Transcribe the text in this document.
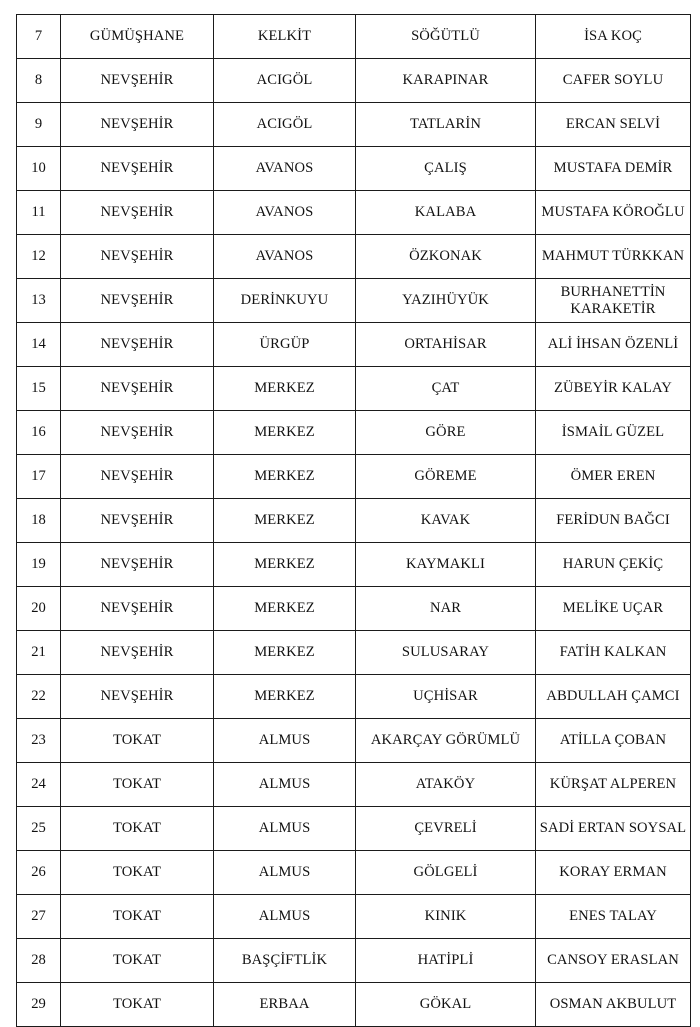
7	GÜMÜŞHANE	KELKİT	SÖĞÜTLÜ	İSA KOÇ

8	NEVŞEHİR	ACIGÖL	KARAPINAR	CAFER SOYLU

9	NEVŞEHİR	ACIGÖL	TATLARİN	ERCAN SELVİ

10	NEVŞEHİR	AVANOS	ÇALIŞ	MUSTAFA DEMİR

11	NEVŞEHİR	AVANOS	KALABA	MUSTAFA KÖROĞLU

12	NEVŞEHİR	AVANOS	ÖZKONAK	MAHMUT TÜRKKAN

13	NEVŞEHİR	DERİNKUYU	YAZIHÜYÜK	BURHANETTİN KARAKETİR

14	NEVŞEHİR	ÜRGÜP	ORTAHİSAR	ALİ İHSAN ÖZENLİ

15	NEVŞEHİR	MERKEZ	ÇAT	ZÜBEYİR KALAY

16	NEVŞEHİR	MERKEZ	GÖRE	İSMAİL GÜZEL

17	NEVŞEHİR	MERKEZ	GÖREME	ÖMER EREN

18	NEVŞEHİR	MERKEZ	KAVAK	FERİDUN BAĞCI

19	NEVŞEHİR	MERKEZ	KAYMAKLI	HARUN ÇEKİÇ

20	NEVŞEHİR	MERKEZ	NAR	MELİKE UÇAR

21	NEVŞEHİR	MERKEZ	SULUSARAY	FATİH KALKAN

22	NEVŞEHİR	MERKEZ	UÇHİSAR	ABDULLAH ÇAMCI

23	TOKAT	ALMUS	AKARÇAY GÖRÜMLÜ	ATİLLA ÇOBAN

24	TOKAT	ALMUS	ATAKÖY	KÜRŞAT ALPEREN

25	TOKAT	ALMUS	ÇEVRELİ	SADİ ERTAN SOYSAL

26	TOKAT	ALMUS	GÖLGELİ	KORAY ERMAN

27	TOKAT	ALMUS	KINIK	ENES TALAY

28	TOKAT	BAŞÇİFTLİK	HATİPLİ	CANSOY ERASLAN

29	TOKAT	ERBAA	GÖKAL	OSMAN AKBULUT
